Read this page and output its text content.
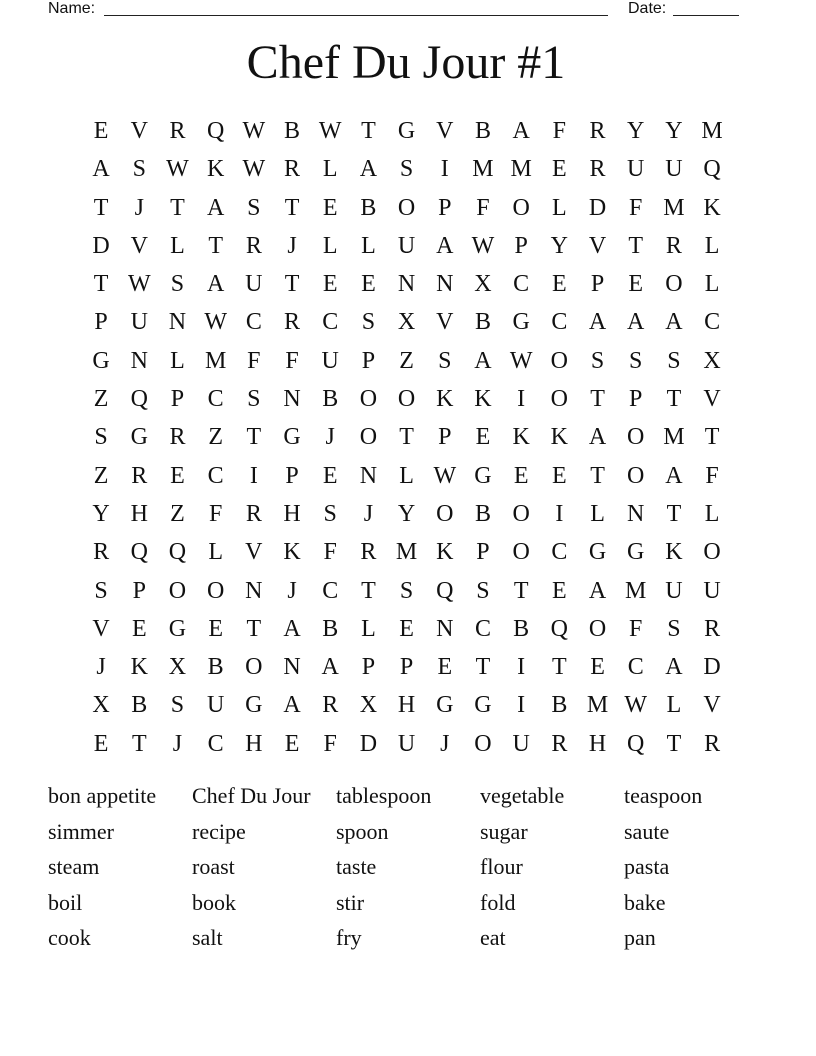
Name:	Date:
Chef Du Jour #1
E V R Q W B W T G V B A F R Y Y M
A S W K W R L A S	I M M E R U U Q
T	J	T A S	T E B O P	F O L D F M K
D V L T R	J	L L U A W P Y V T R L
T W S A U T E E N N X C E	P	E O L
P U N W C R C S X V B G C A A A C
G N L M F	F U P	Z	S A W O S	S	S X
Z Q P C S N B O O K K	I	O T	P	T V
S G R Z T G	J	O T	P	E K K A O M T
Z R E C	I	P	E N L W G E E T O A F
Y H Z	F R H S	J	Y O B O	I	L N T L
R Q Q L V K F R M K P O C G G K O
S	P O O N	J	C T	S Q S	T E A M U U
V E G E T A B L E N C B Q O F	S R
J	K X B O N A P	P	E T	I	T E C A D
X B S U G A R X H G G	I	B M W L V
E T	J	C H E	F D U	J	O U R H Q T R
bon appetite	Chef Du Jour	tablespoon	vegetable	teaspoon
simmer	recipe	spoon	sugar	saute
steam	roast	taste	flour	pasta
boil	book	stir	fold	bake
cook	salt	fry	eat	pan
